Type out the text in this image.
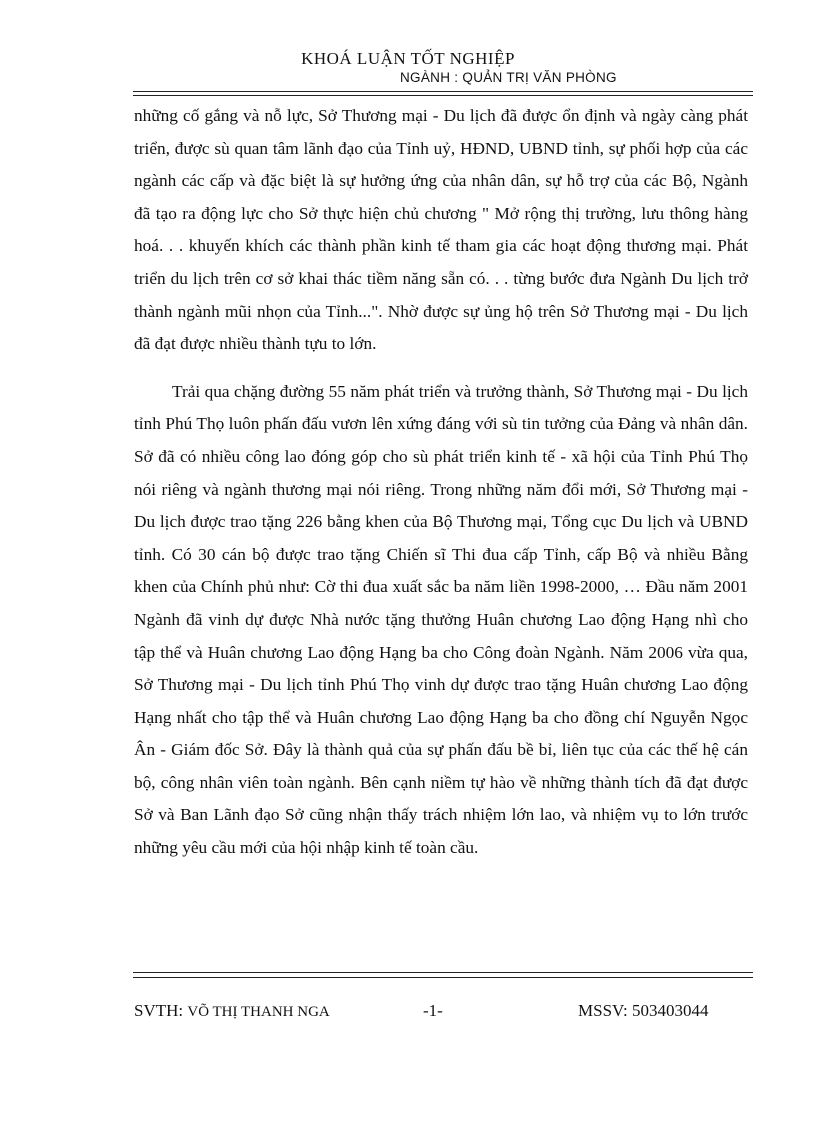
KHOÁ LUẬN TỐT NGHIỆP
NGÀNH : QUẢN TRỊ VĂN PHÒNG

những cố gắng và nỗ lực, Sở Thương mại - Du lịch đã được ổn định và ngày càng phát triển, được sù quan tâm lãnh đạo của Tỉnh uỷ, HĐND, UBND tỉnh, sự phối hợp của các ngành các cấp và đặc biệt là sự hưởng ứng của nhân dân, sự hỗ trợ của các Bộ, Ngành đã tạo ra động lực cho Sở thực hiện chủ chương " Mở rộng thị trường, lưu thông hàng hoá. . . khuyến khích các thành phần kinh tế tham gia các hoạt động thương mại. Phát triển du lịch trên cơ sở khai thác tiềm năng sẵn có. . . từng bước đưa Ngành Du lịch trở thành ngành mũi nhọn của Tỉnh...". Nhờ được sự ủng hộ trên Sở Thương mại - Du lịch đã đạt được nhiều thành tựu to lớn.

Trải qua chặng đường 55 năm phát triển và trưởng thành, Sở Thương mại - Du lịch tỉnh Phú Thọ luôn phấn đấu vươn lên xứng đáng với sù tin tưởng của Đảng và nhân dân. Sở đã có nhiều công lao đóng góp cho sù phát triển kinh tế - xã hội của Tỉnh Phú Thọ nói riêng và ngành thương mại nói riêng. Trong những năm đổi mới, Sở Thương mại - Du lịch được trao tặng 226 bằng khen của Bộ Thương mại, Tổng cục Du lịch và UBND tỉnh. Có 30 cán bộ được trao tặng Chiến sĩ Thi đua cấp Tỉnh, cấp Bộ và nhiều Bằng khen của Chính phủ như: Cờ thi đua xuất sắc ba năm liền 1998-2000, … Đầu năm 2001 Ngành đã vinh dự được Nhà nước tặng thưởng Huân chương Lao động Hạng nhì cho tập thể và Huân chương Lao động Hạng ba cho Công đoàn Ngành. Năm 2006 vừa qua, Sở Thương mại - Du lịch tỉnh Phú Thọ vinh dự được trao tặng Huân chương Lao động Hạng nhất cho tập thể và Huân chương Lao động Hạng ba cho đồng chí Nguyễn Ngọc Ân - Giám đốc Sở. Đây là thành quả của sự phấn đấu bề bỉ, liên tục của các thế hệ cán bộ, công nhân viên toàn ngành. Bên cạnh niềm tự hào về những thành tích đã đạt được Sở và Ban Lãnh đạo Sở cũng nhận thấy trách nhiệm lớn lao, và nhiệm vụ to lớn trước những yêu cầu mới của hội nhập kinh tế toàn cầu.

SVTH: VÕ THỊ THANH NGA	-1-	MSSV: 503403044
